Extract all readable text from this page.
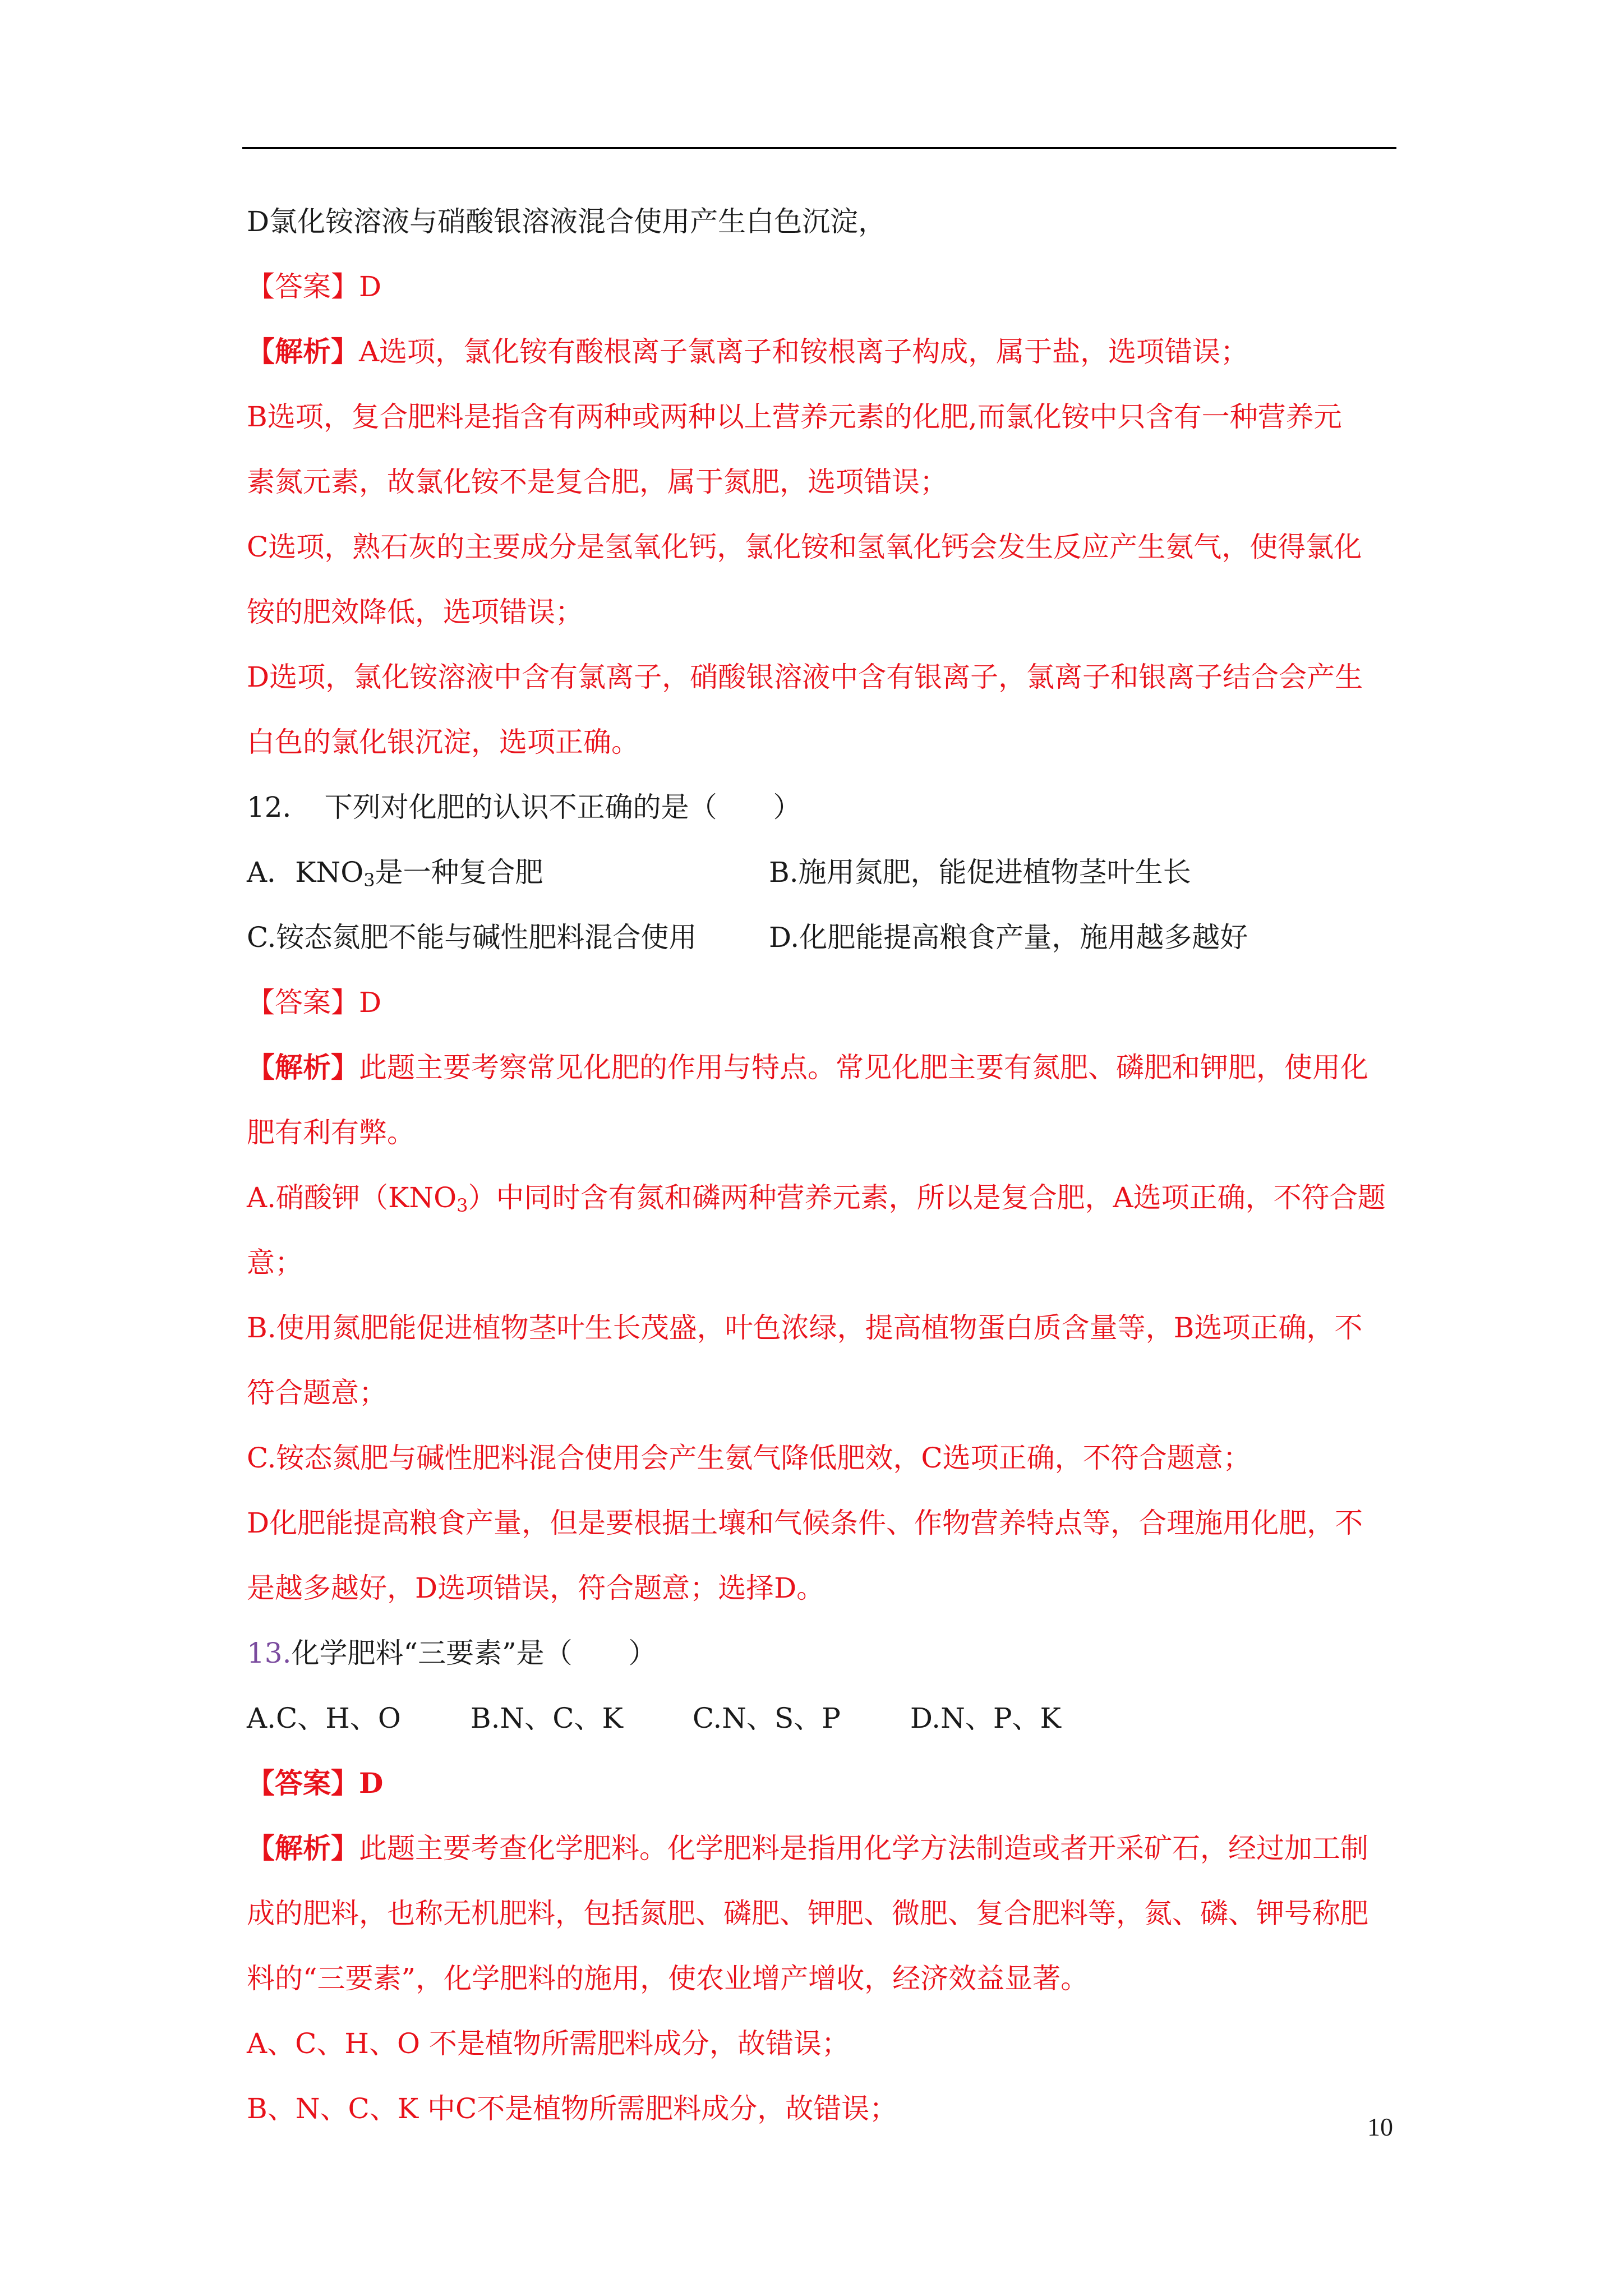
D氯化铵溶液与硝酸银溶液混合使用产生白色沉淀，
【答案】D
【解析】A选项，氯化铵有酸根离子氯离子和铵根离子构成，属于盐，选项错误；
B选项，复合肥料是指含有两种或两种以上营养元素的化肥,而氯化铵中只含有一种营养元
素氮元素，故氯化铵不是复合肥，属于氮肥，选项错误；
C选项，熟石灰的主要成分是氢氧化钙，氯化铵和氢氧化钙会发生反应产生氨气，使得氯化
铵的肥效降低，选项错误；
D选项，氯化铵溶液中含有氯离子，硝酸银溶液中含有银离子，氯离子和银离子结合会产生
白色的氯化银沉淀，选项正确。
12．　下列对化肥的认识不正确的是（　　）
A．$KNO_3$是一种复合肥	B.施用氮肥，能促进植物茎叶生长
C.铵态氮肥不能与碱性肥料混合使用	D.化肥能提高粮食产量，施用越多越好
【答案】D
【解析】此题主要考察常见化肥的作用与特点。常见化肥主要有氮肥、磷肥和钾肥，使用化
肥有利有弊。
A.硝酸钾$(KNO_3)$中同时含有氮和磷两种营养元素，所以是复合肥，A选项正确，不符合题
意；
B.使用氮肥能促进植物茎叶生长茂盛，叶色浓绿，提高植物蛋白质含量等，B选项正确，不
符合题意；
C.铵态氮肥与碱性肥料混合使用会产生氨气降低肥效，C选项正确，不符合题意；
D化肥能提高粮食产量，但是要根据土壤和气候条件、作物营养特点等，合理施用化肥，不
是越多越好，D选项错误，符合题意；选择D。
13.化学肥料“三要素”是（　　）
A.C、H、O B.N、C、K C.N、S、P D.N、P、K
【答案】D
【解析】此题主要考查化学肥料。化学肥料是指用化学方法制造或者开采矿石，经过加工制
成的肥料，也称无机肥料，包括氮肥、磷肥、钾肥、微肥、复合肥料等，氮、磷、钾号称肥
料的“三要素”，化学肥料的施用，使农业增产增收，经济效益显著。
A、C、H、O 不是植物所需肥料成分，故错误；
B、N、C、K 中C不是植物所需肥料成分，故错误；
10
